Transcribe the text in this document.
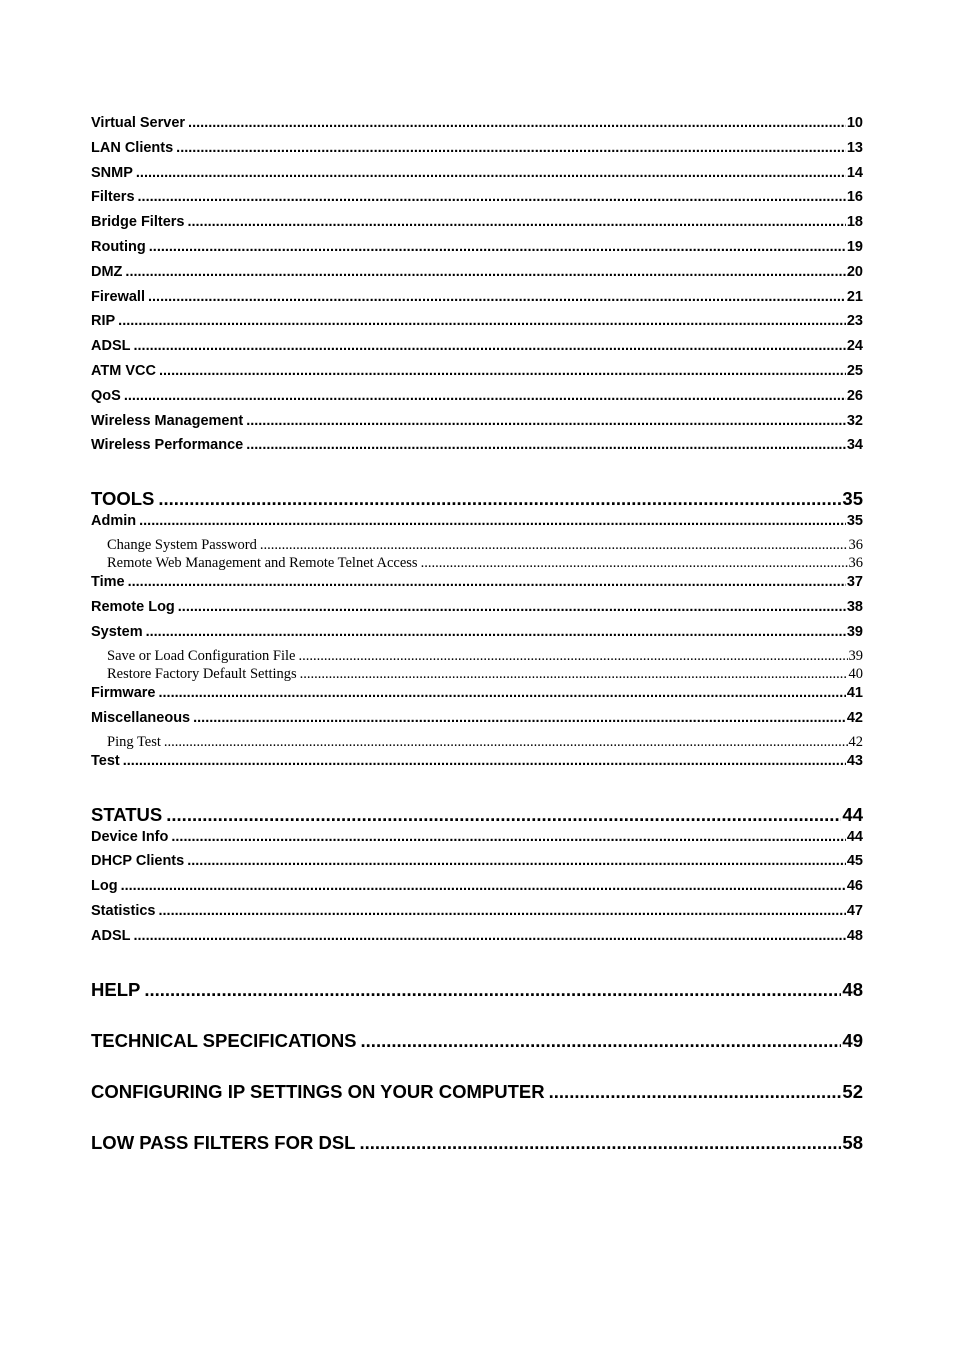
Virtual Server .....	10
LAN Clients .....	13
SNMP .....	14
Filters .....	16
Bridge Filters .....	18
Routing .....	19
DMZ .....	20
Firewall .....	21
RIP .....	23
ADSL .....	24
ATM VCC .....	25
QoS .....	26
Wireless Management .....	32
Wireless Performance .....	34
TOOLS .....	35
Admin .....	35
Change System Password .....	36
Remote Web Management and Remote Telnet Access .....	36
Time .....	37
Remote Log .....	38
System .....	39
Save or Load Configuration File .....	39
Restore Factory Default Settings .....	40
Firmware .....	41
Miscellaneous .....	42
Ping Test .....	42
Test .....	43
STATUS .....	44
Device Info .....	44
DHCP Clients .....	45
Log .....	46
Statistics .....	47
ADSL .....	48
HELP .....	48
TECHNICAL SPECIFICATIONS .....	49
CONFIGURING IP SETTINGS ON YOUR COMPUTER .....	52
LOW PASS FILTERS FOR DSL .....	58
